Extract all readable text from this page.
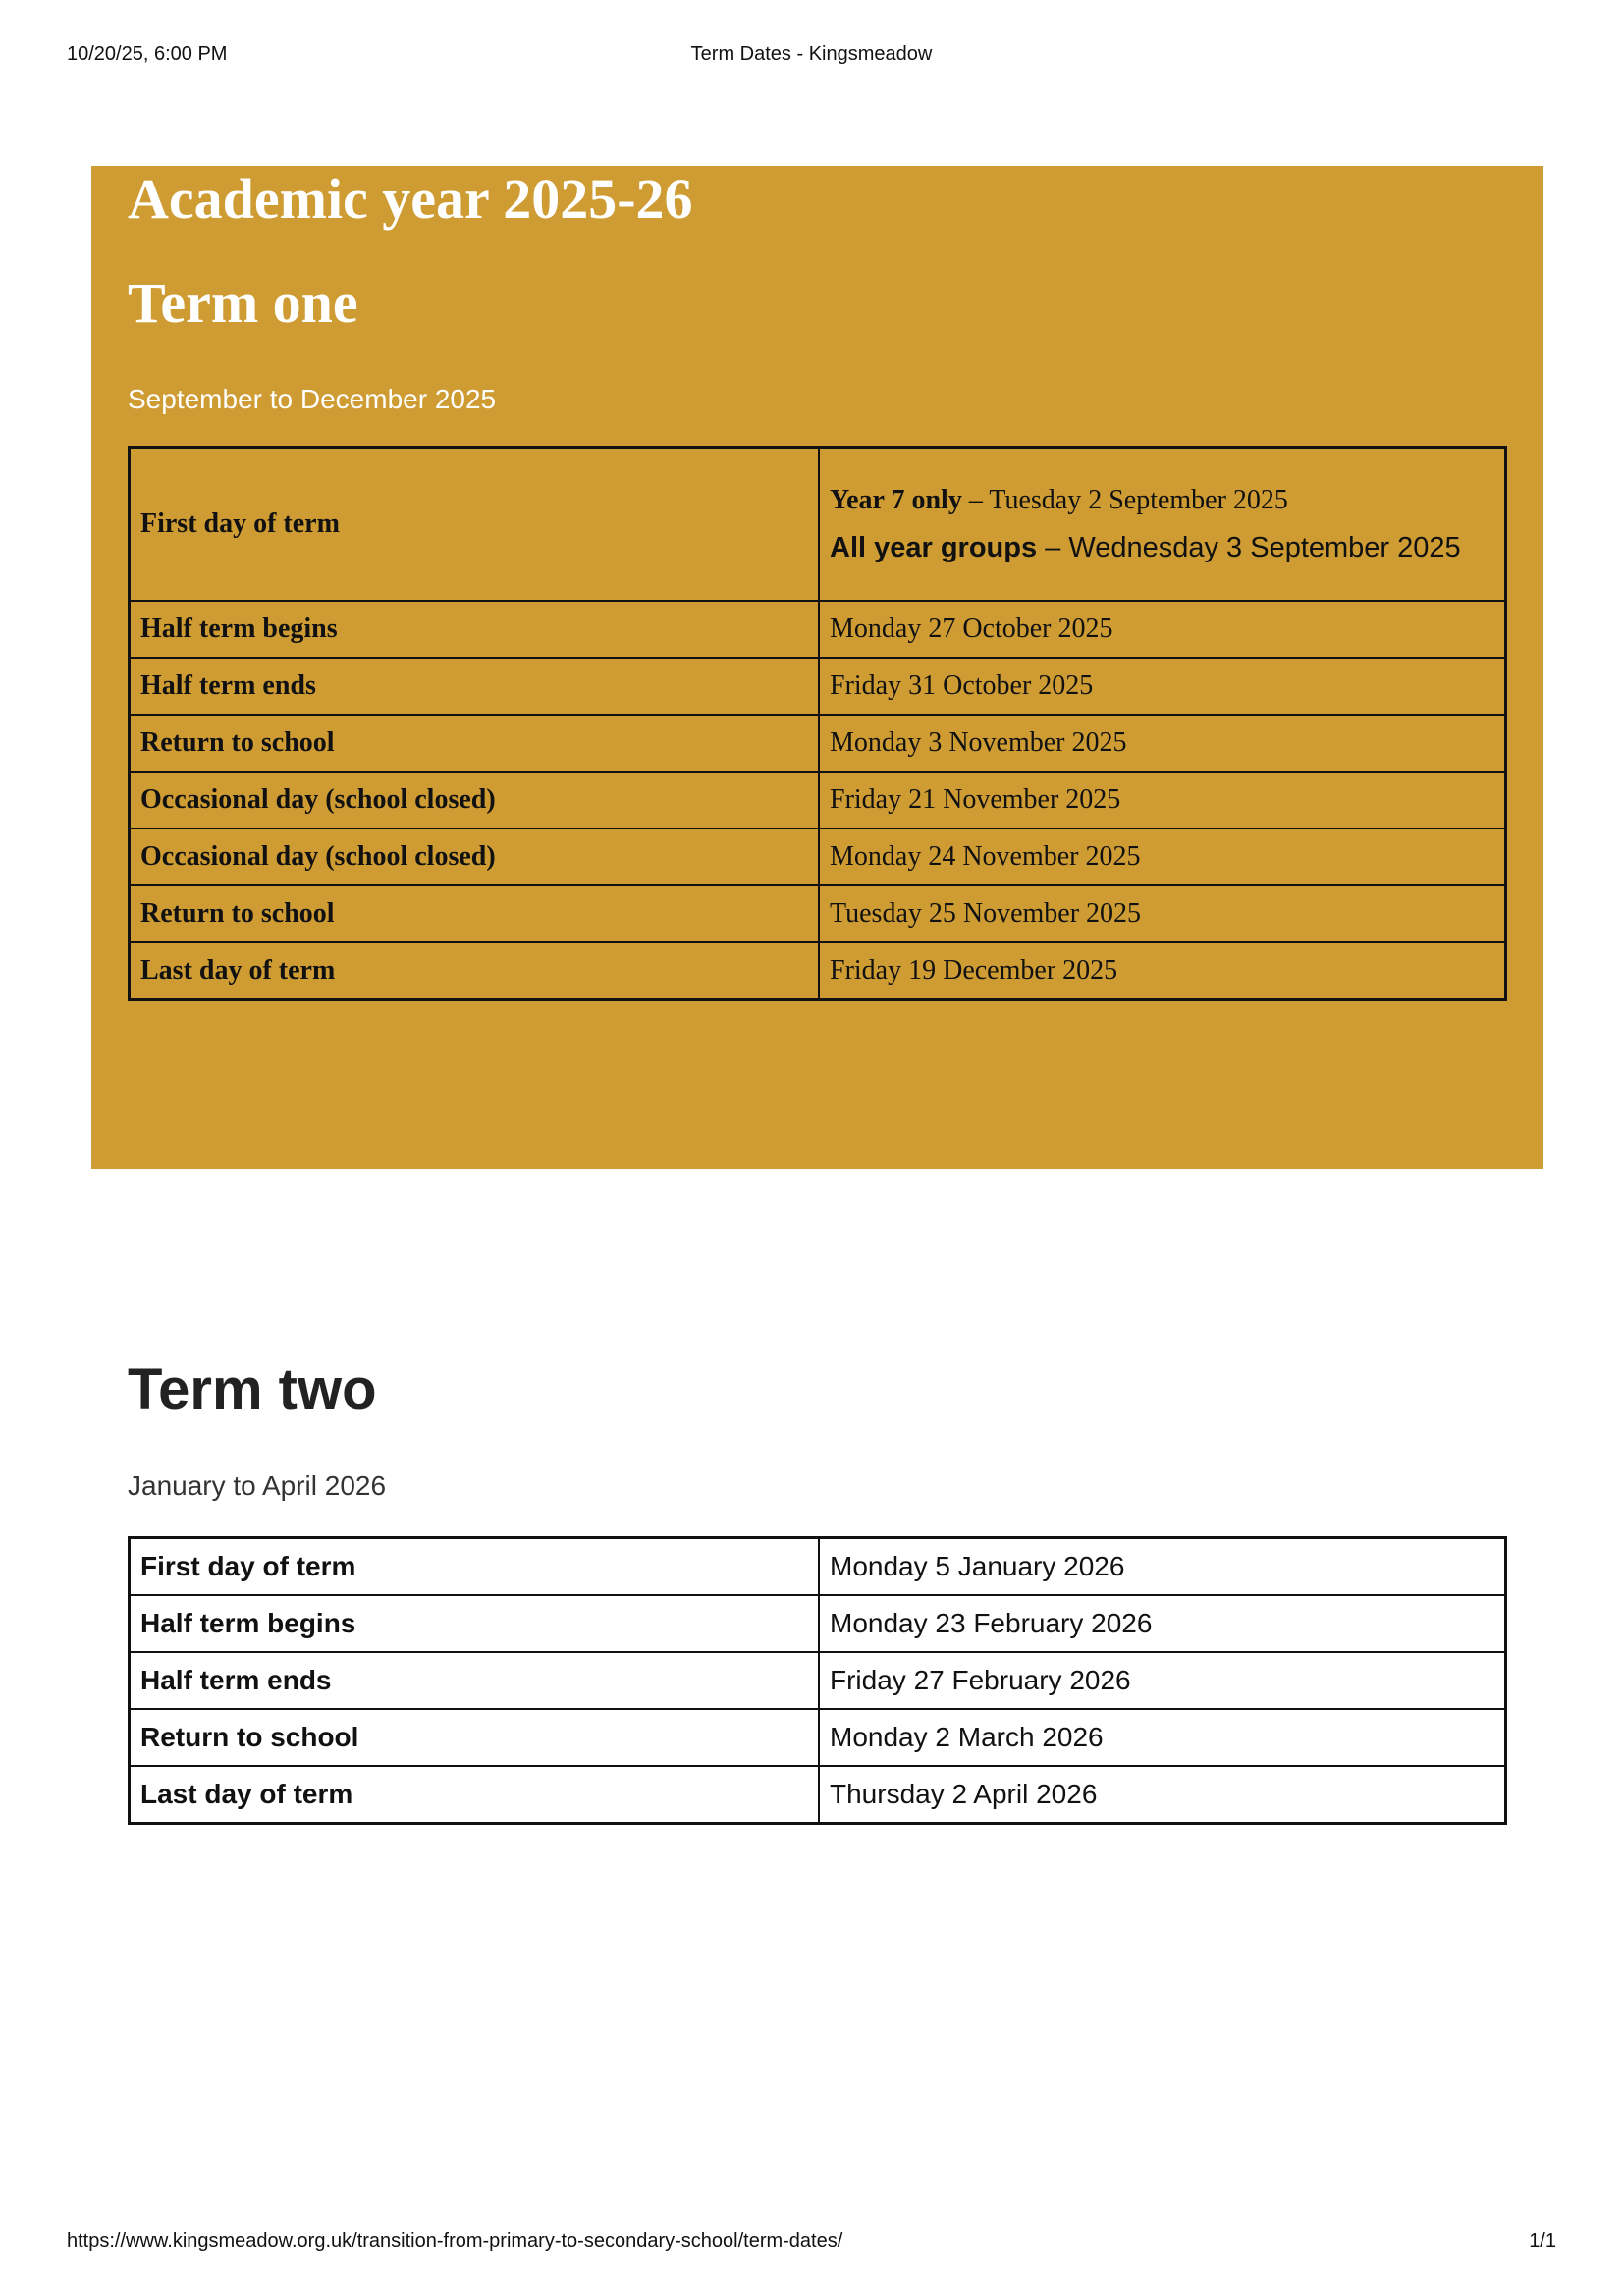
10/20/25, 6:00 PM	Term Dates - Kingsmeadow
Academic year 2025-26
Term one

September to December 2025

First day of term	Year 7 only – Tuesday 2 September 2025

All year groups – Wednesday 3 September 2025

Half term begins	Monday 27 October 2025
Half term ends	Friday 31 October 2025
Return to school	Monday 3 November 2025
Occasional day (school closed)	Friday 21 November 2025
Occasional day (school closed)	Monday 24 November 2025
Return to school	Tuesday 25 November 2025
Last day of term	Friday 19 December 2025
Term two

January to April 2026

First day of term	Monday 5 January 2026
Half term begins	Monday 23 February 2026
Half term ends	Friday 27 February 2026
Return to school	Monday 2 March 2026
Last day of term	Thursday 2 April 2026
https://www.kingsmeadow.org.uk/transition-from-primary-to-secondary-school/term-dates/	1/1
